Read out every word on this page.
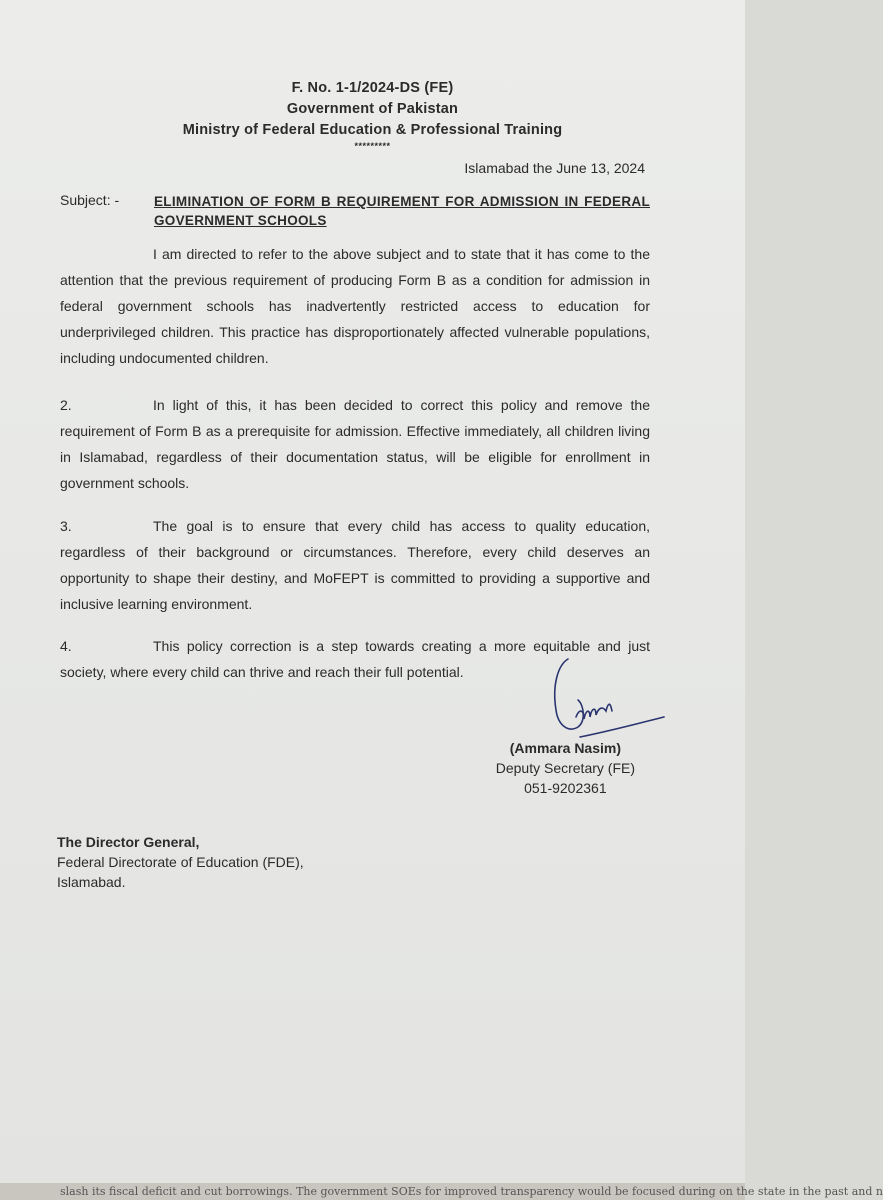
F. No. 1-1/2024-DS (FE)
Government of Pakistan
Ministry of Federal Education & Professional Training
*********
Islamabad the June 13, 2024
Subject: -	ELIMINATION OF FORM B REQUIREMENT FOR ADMISSION IN FEDERAL GOVERNMENT SCHOOLS
I am directed to refer to the above subject and to state that it has come to the attention that the previous requirement of producing Form B as a condition for admission in federal government schools has inadvertently restricted access to education for underprivileged children. This practice has disproportionately affected vulnerable populations, including undocumented children.
2.	In light of this, it has been decided to correct this policy and remove the requirement of Form B as a prerequisite for admission. Effective immediately, all children living in Islamabad, regardless of their documentation status, will be eligible for enrollment in government schools.
3.	The goal is to ensure that every child has access to quality education, regardless of their background or circumstances. Therefore, every child deserves an opportunity to shape their destiny, and MoFEPT is committed to providing a supportive and inclusive learning environment.
4.	This policy correction is a step towards creating a more equitable and just society, where every child can thrive and reach their full potential.
(Ammara Nasim)
Deputy Secretary (FE)
051-9202361
The Director General,
Federal Directorate of Education (FDE),
Islamabad.
slash its fiscal deficit and cut borrowings. The government SOEs for improved transparency would be focused during on the state in the past and n
